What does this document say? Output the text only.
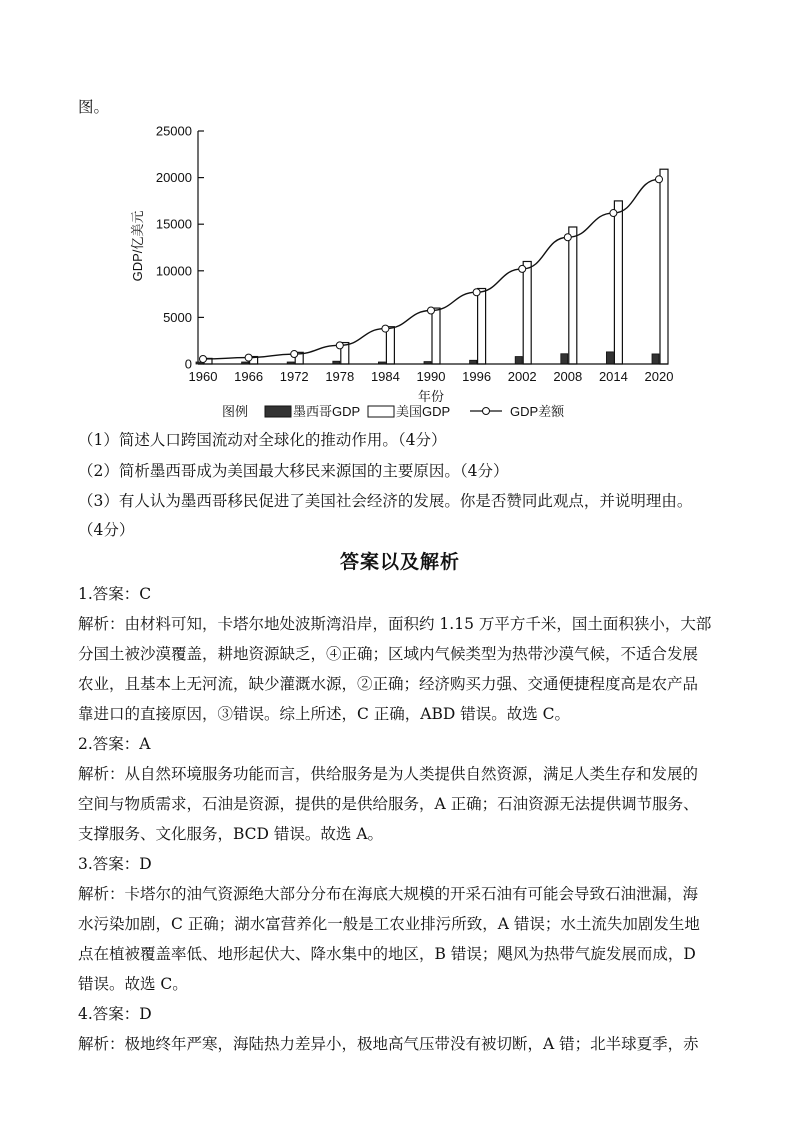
图。
0
5000
10000
15000
20000
25000
1960 1966 1972 1978 1984 1990 1996 2002 2008 2014 2020
GDP/亿美元
年份
图例	墨西哥GDP	美国GDP	GDP差额
（1）简述人口跨国流动对全球化的推动作用。（4分）
（2）简析墨西哥成为美国最大移民来源国的主要原因。（4分）
（3）有人认为墨西哥移民促进了美国社会经济的发展。你是否赞同此观点，并说明理由。
（4分）
答案以及解析
1.答案：C
解析：由材料可知，卡塔尔地处波斯湾沿岸，面积约 1.15 万平方千米，国土面积狭小，大部
分国土被沙漠覆盖，耕地资源缺乏，④正确；区域内气候类型为热带沙漠气候，不适合发展
农业，且基本上无河流，缺少灌溉水源，②正确；经济购买力强、交通便捷程度高是农产品
靠进口的直接原因，③错误。综上所述，C 正确，ABD 错误。故选 C。
2.答案：A
解析：从自然环境服务功能而言，供给服务是为人类提供自然资源，满足人类生存和发展的
空间与物质需求，石油是资源，提供的是供给服务，A 正确；石油资源无法提供调节服务、
支撑服务、文化服务，BCD 错误。故选 A。
3.答案：D
解析：卡塔尔的油气资源绝大部分分布在海底大规模的开采石油有可能会导致石油泄漏，海
水污染加剧，C 正确；湖水富营养化一般是工农业排污所致，A 错误；水土流失加剧发生地
点在植被覆盖率低、地形起伏大、降水集中的地区，B 错误；飓风为热带气旋发展而成，D
错误。故选 C。
4.答案：D
解析：极地终年严寒，海陆热力差异小，极地高气压带没有被切断，A 错；北半球夏季，赤
